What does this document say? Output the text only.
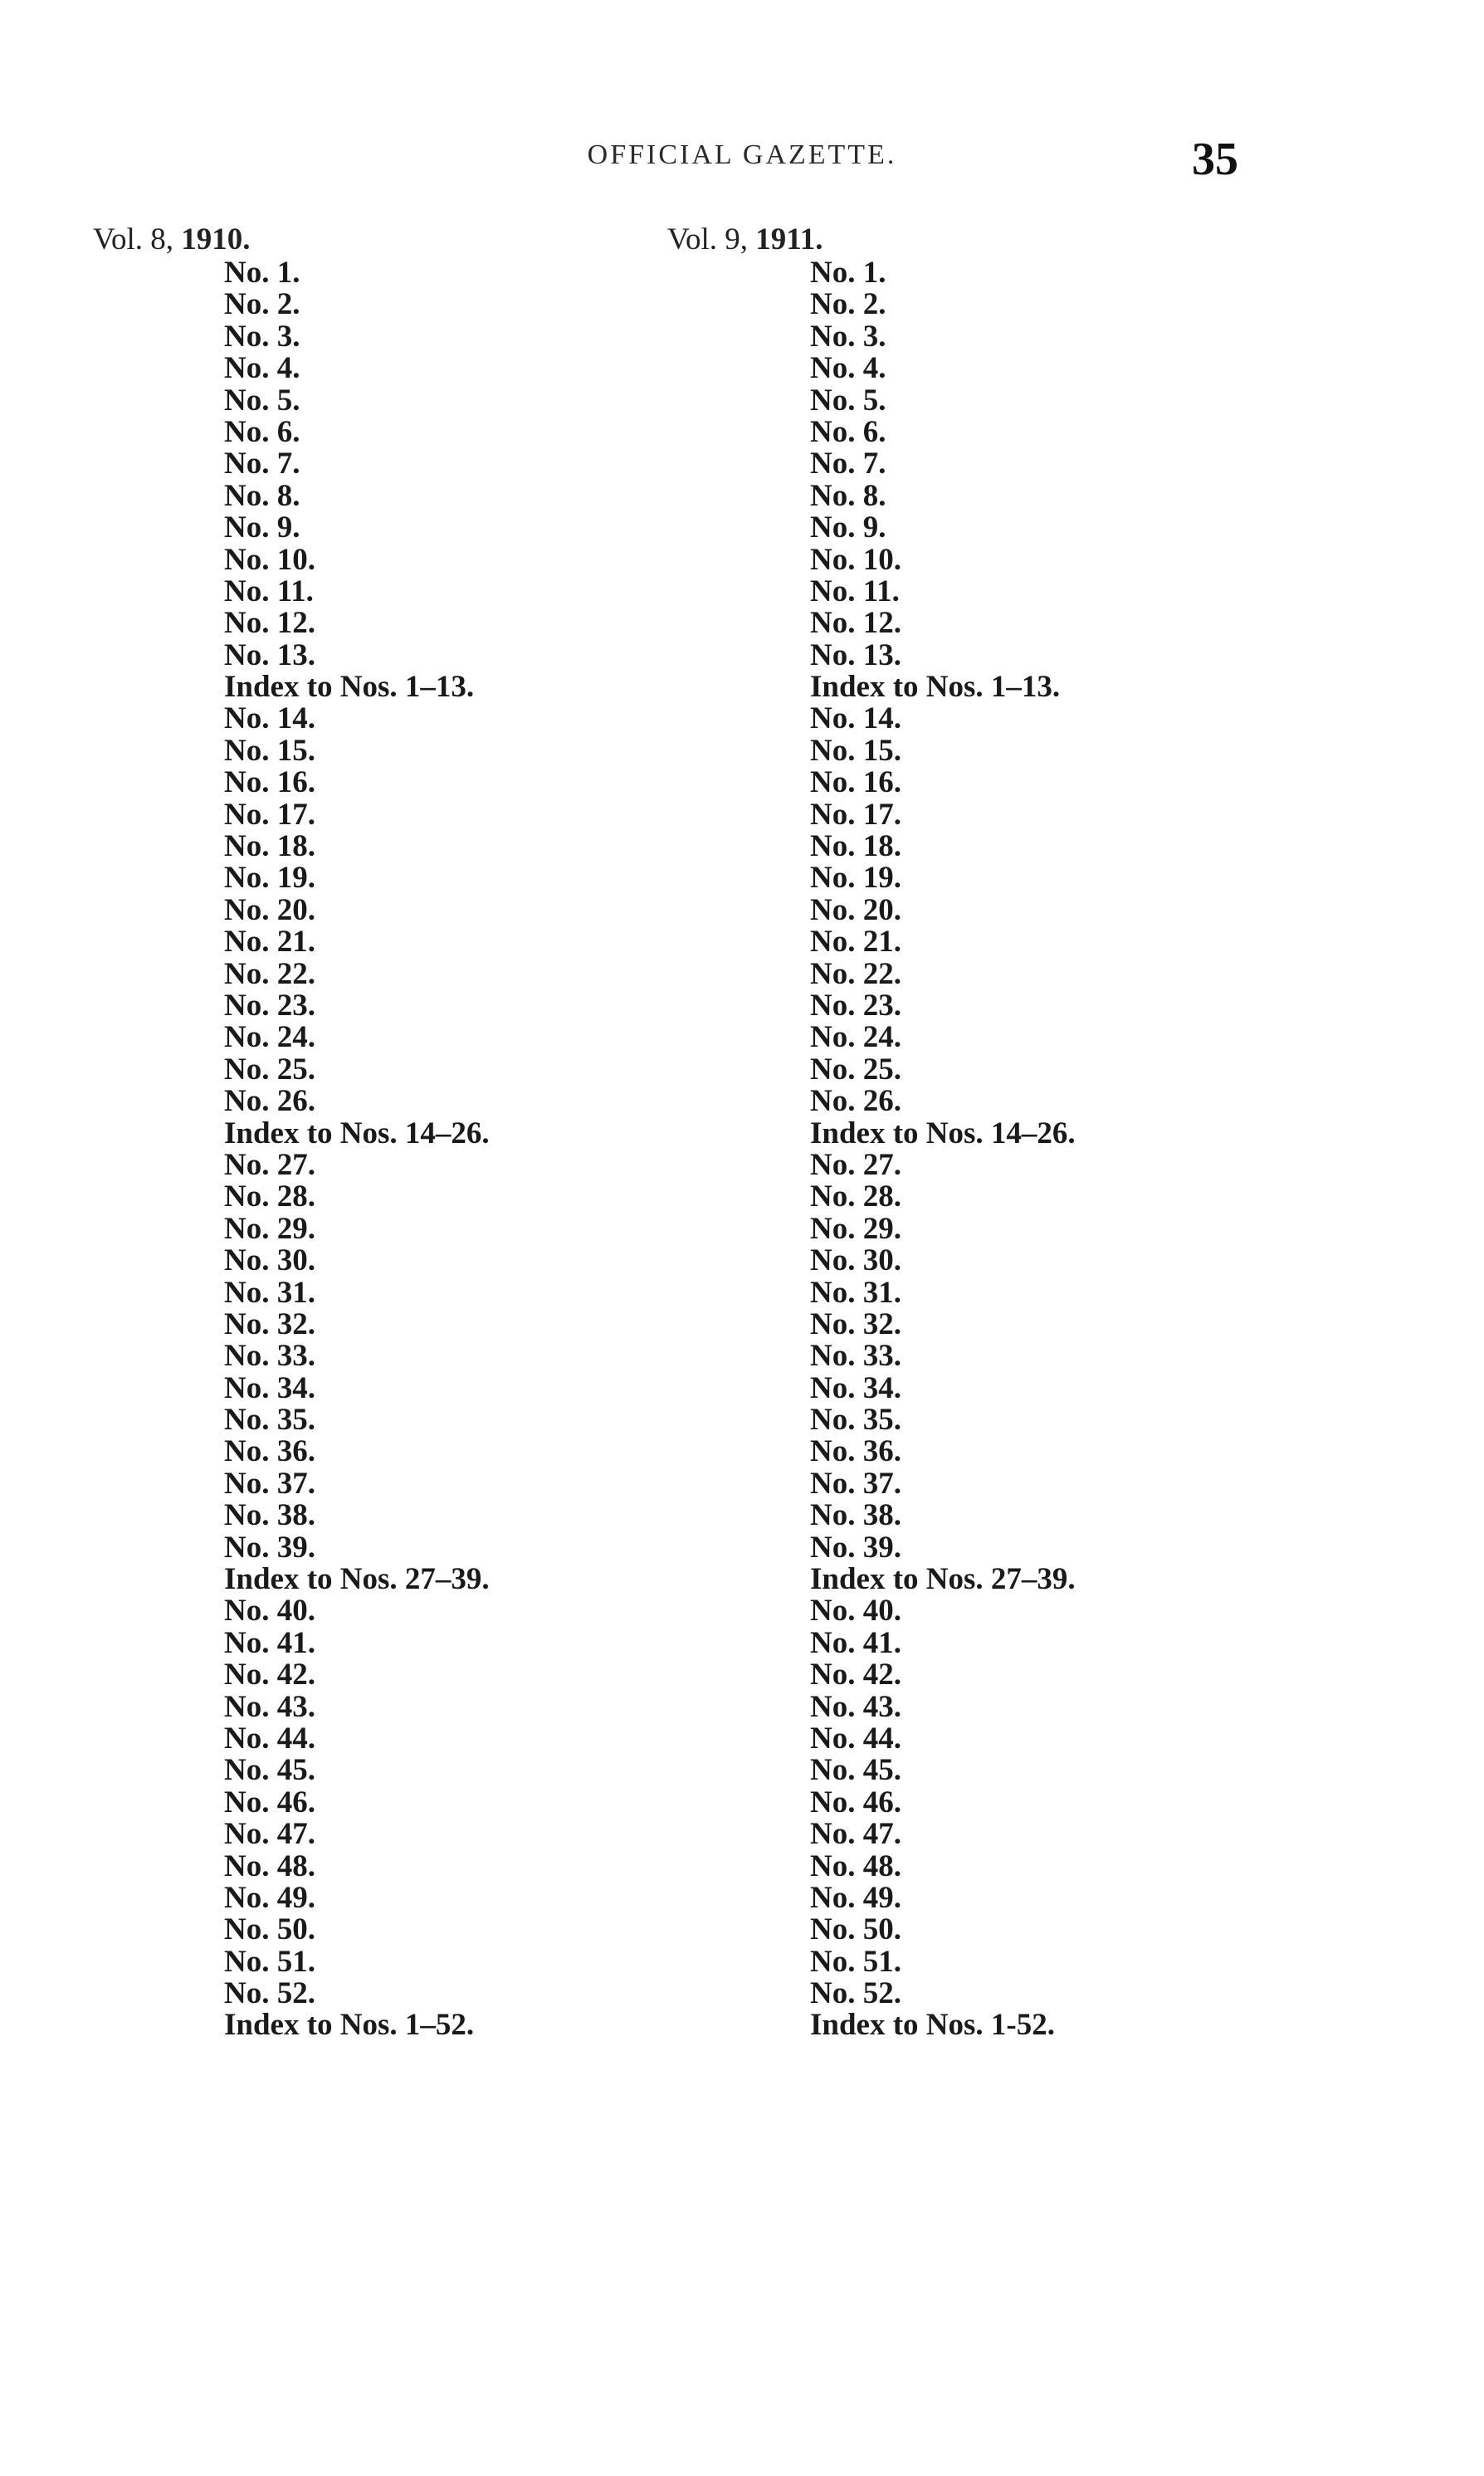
OFFICIAL GAZETTE.	35
Vol. 8, 1910.
No. 1.
No. 2.
No. 3.
No. 4.
No. 5.
No. 6.
No. 7.
No. 8.
No. 9.
No. 10.
No. 11.
No. 12.
No. 13.
Index to Nos. 1–13.
No. 14.
No. 15.
No. 16.
No. 17.
No. 18.
No. 19.
No. 20.
No. 21.
No. 22.
No. 23.
No. 24.
No. 25.
No. 26.
Index to Nos. 14–26.
No. 27.
No. 28.
No. 29.
No. 30.
No. 31.
No. 32.
No. 33.
No. 34.
No. 35.
No. 36.
No. 37.
No. 38.
No. 39.
Index to Nos. 27–39.
No. 40.
No. 41.
No. 42.
No. 43.
No. 44.
No. 45.
No. 46.
No. 47.
No. 48.
No. 49.
No. 50.
No. 51.
No. 52.
Index to Nos. 1–52.
Vol. 9, 1911.
No. 1.
No. 2.
No. 3.
No. 4.
No. 5.
No. 6.
No. 7.
No. 8.
No. 9.
No. 10.
No. 11.
No. 12.
No. 13.
Index to Nos. 1–13.
No. 14.
No. 15.
No. 16.
No. 17.
No. 18.
No. 19.
No. 20.
No. 21.
No. 22.
No. 23.
No. 24.
No. 25.
No. 26.
Index to Nos. 14–26.
No. 27.
No. 28.
No. 29.
No. 30.
No. 31.
No. 32.
No. 33.
No. 34.
No. 35.
No. 36.
No. 37.
No. 38.
No. 39.
Index to Nos. 27–39.
No. 40.
No. 41.
No. 42.
No. 43.
No. 44.
No. 45.
No. 46.
No. 47.
No. 48.
No. 49.
No. 50.
No. 51.
No. 52.
Index to Nos. 1-52.
